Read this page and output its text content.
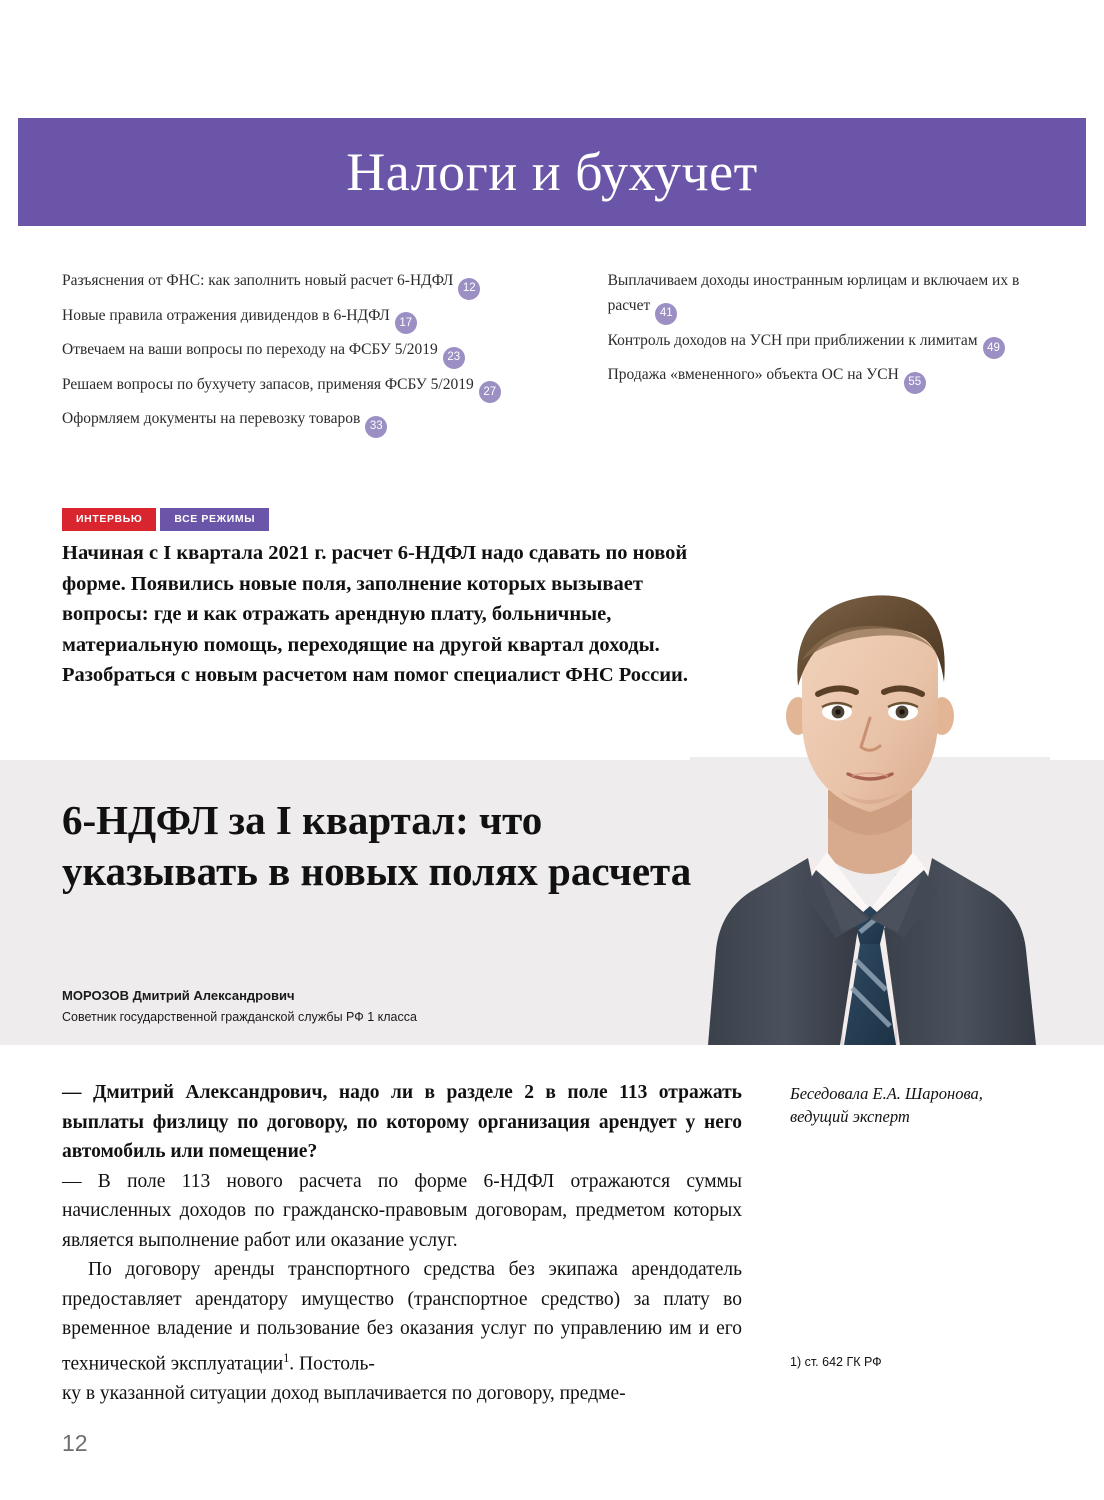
Налоги и бухучет
Разъяснения от ФНС: как заполнить новый расчет 6-НДФЛ 12
Новые правила отражения дивидендов в 6-НДФЛ 17
Отвечаем на ваши вопросы по переходу на ФСБУ 5/2019 23
Решаем вопросы по бухучету запасов, применяя ФСБУ 5/2019 27
Оформляем документы на перевозку товаров 33
Выплачиваем доходы иностранным юрлицам и включаем их в расчет 41
Контроль доходов на УСН при приближении к лимитам 49
Продажа «вмененного» объекта ОС на УСН 55
ИНТЕРВЬЮ	ВСЕ РЕЖИМЫ
Начиная с I квартала 2021 г. расчет 6-НДФЛ надо сдавать по новой форме. Появились новые поля, заполнение которых вызывает вопросы: где и как отражать арендную плату, больничные, материальную помощь, переходящие на другой квартал доходы. Разобраться с новым расчетом нам помог специалист ФНС России.
6-НДФЛ за I квартал: что указывать в новых полях расчета
МОРОЗОВ Дмитрий Александрович
Советник государственной гражданской службы РФ 1 класса

— Дмитрий Александрович, надо ли в разделе 2 в поле 113 отражать выплаты физлицу по договору, по которому организация арендует у него автомобиль или помещение?

— В поле 113 нового расчета по форме 6-НДФЛ отражаются суммы начисленных доходов по гражданско-правовым договорам, предметом которых является выполнение работ или оказание услуг.

По договору аренды транспортного средства без экипажа арендодатель предоставляет арендатору имущество (транспортное средство) за плату во временное владение и пользование без оказания услуг по управлению им и его технической эксплуатации$^1$. Постоль-

ку в указанной ситуации доход выплачивается по договору, предме-

Беседовала Е.А. Шаронова, ведущий эксперт
1) ст. 642 ГК РФ
12
